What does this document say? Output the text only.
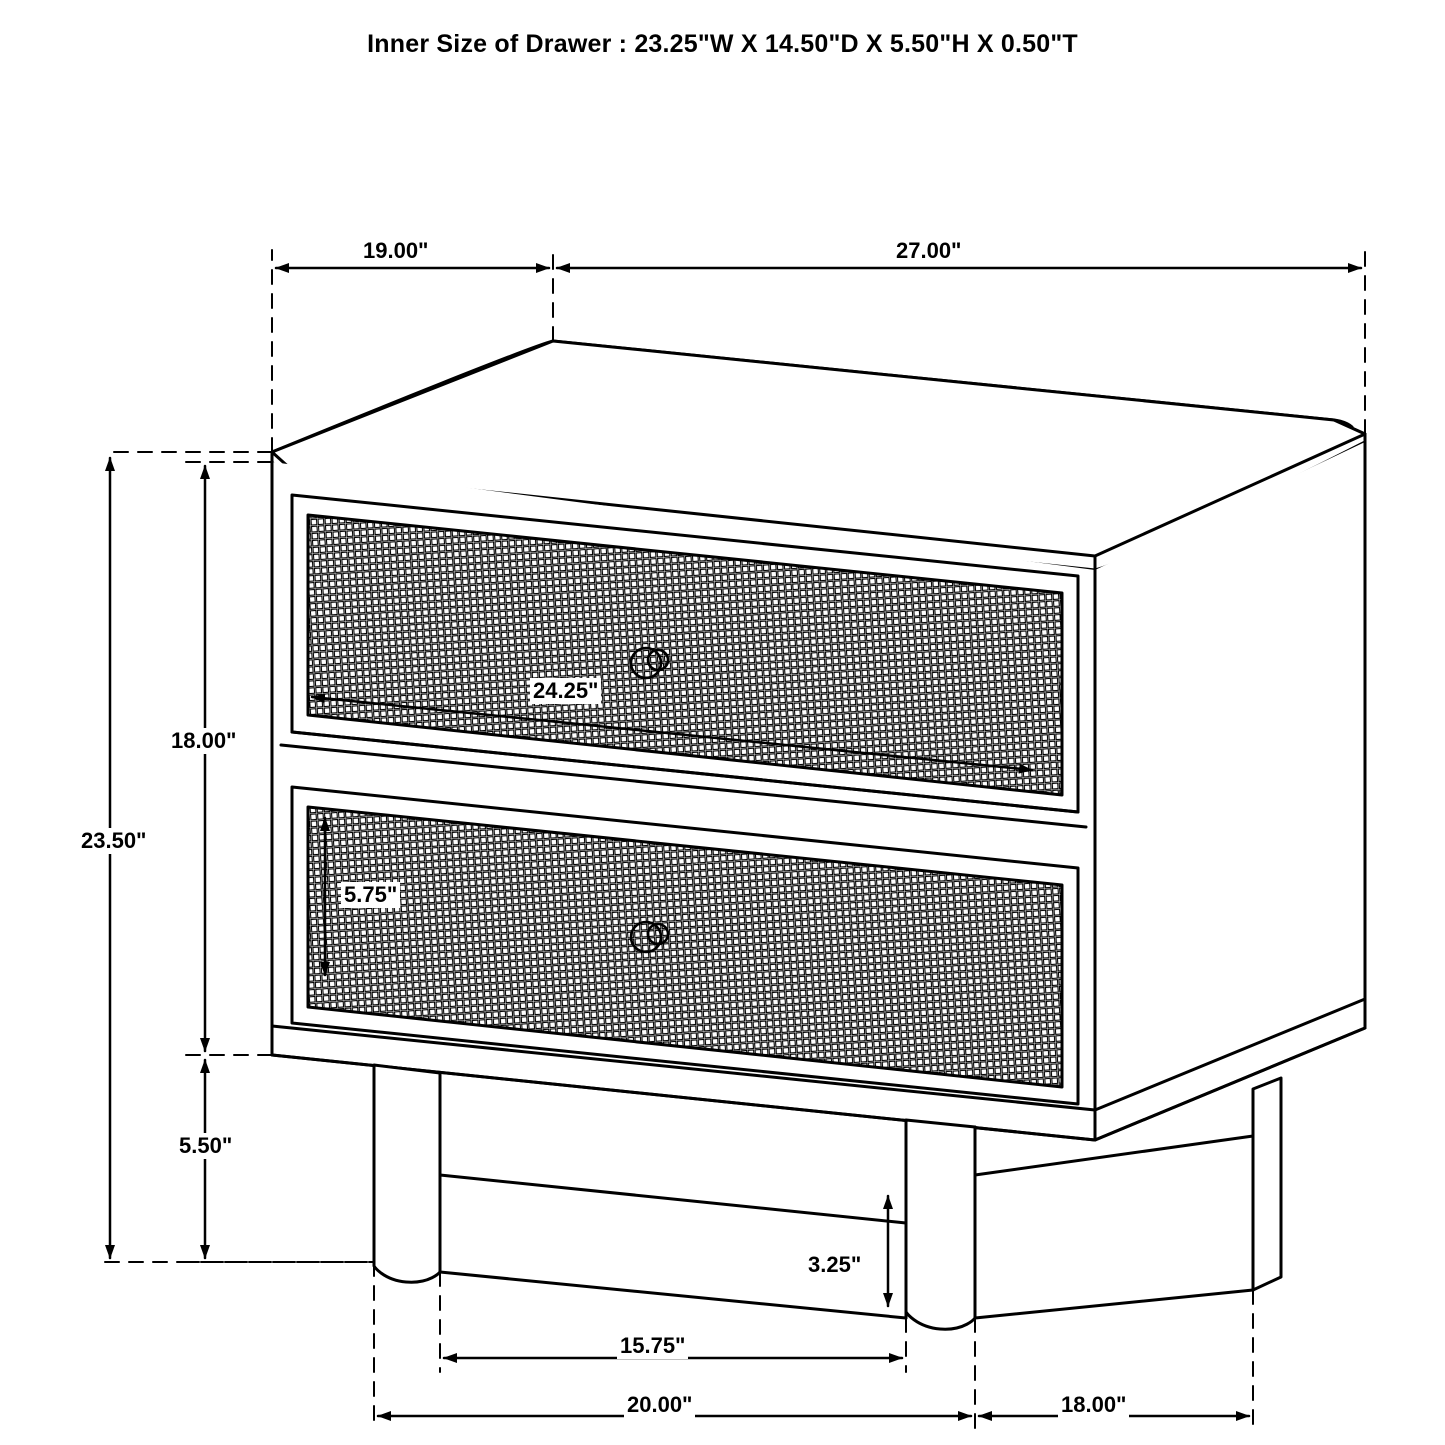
Inner Size of Drawer : 23.25"W X 14.50"D X 5.50"H X 0.50"T
19.00"	27.00"
23.50"
18.00"
5.50"
24.25"
5.75"
3.25"
15.75"
20.00"	18.00"
